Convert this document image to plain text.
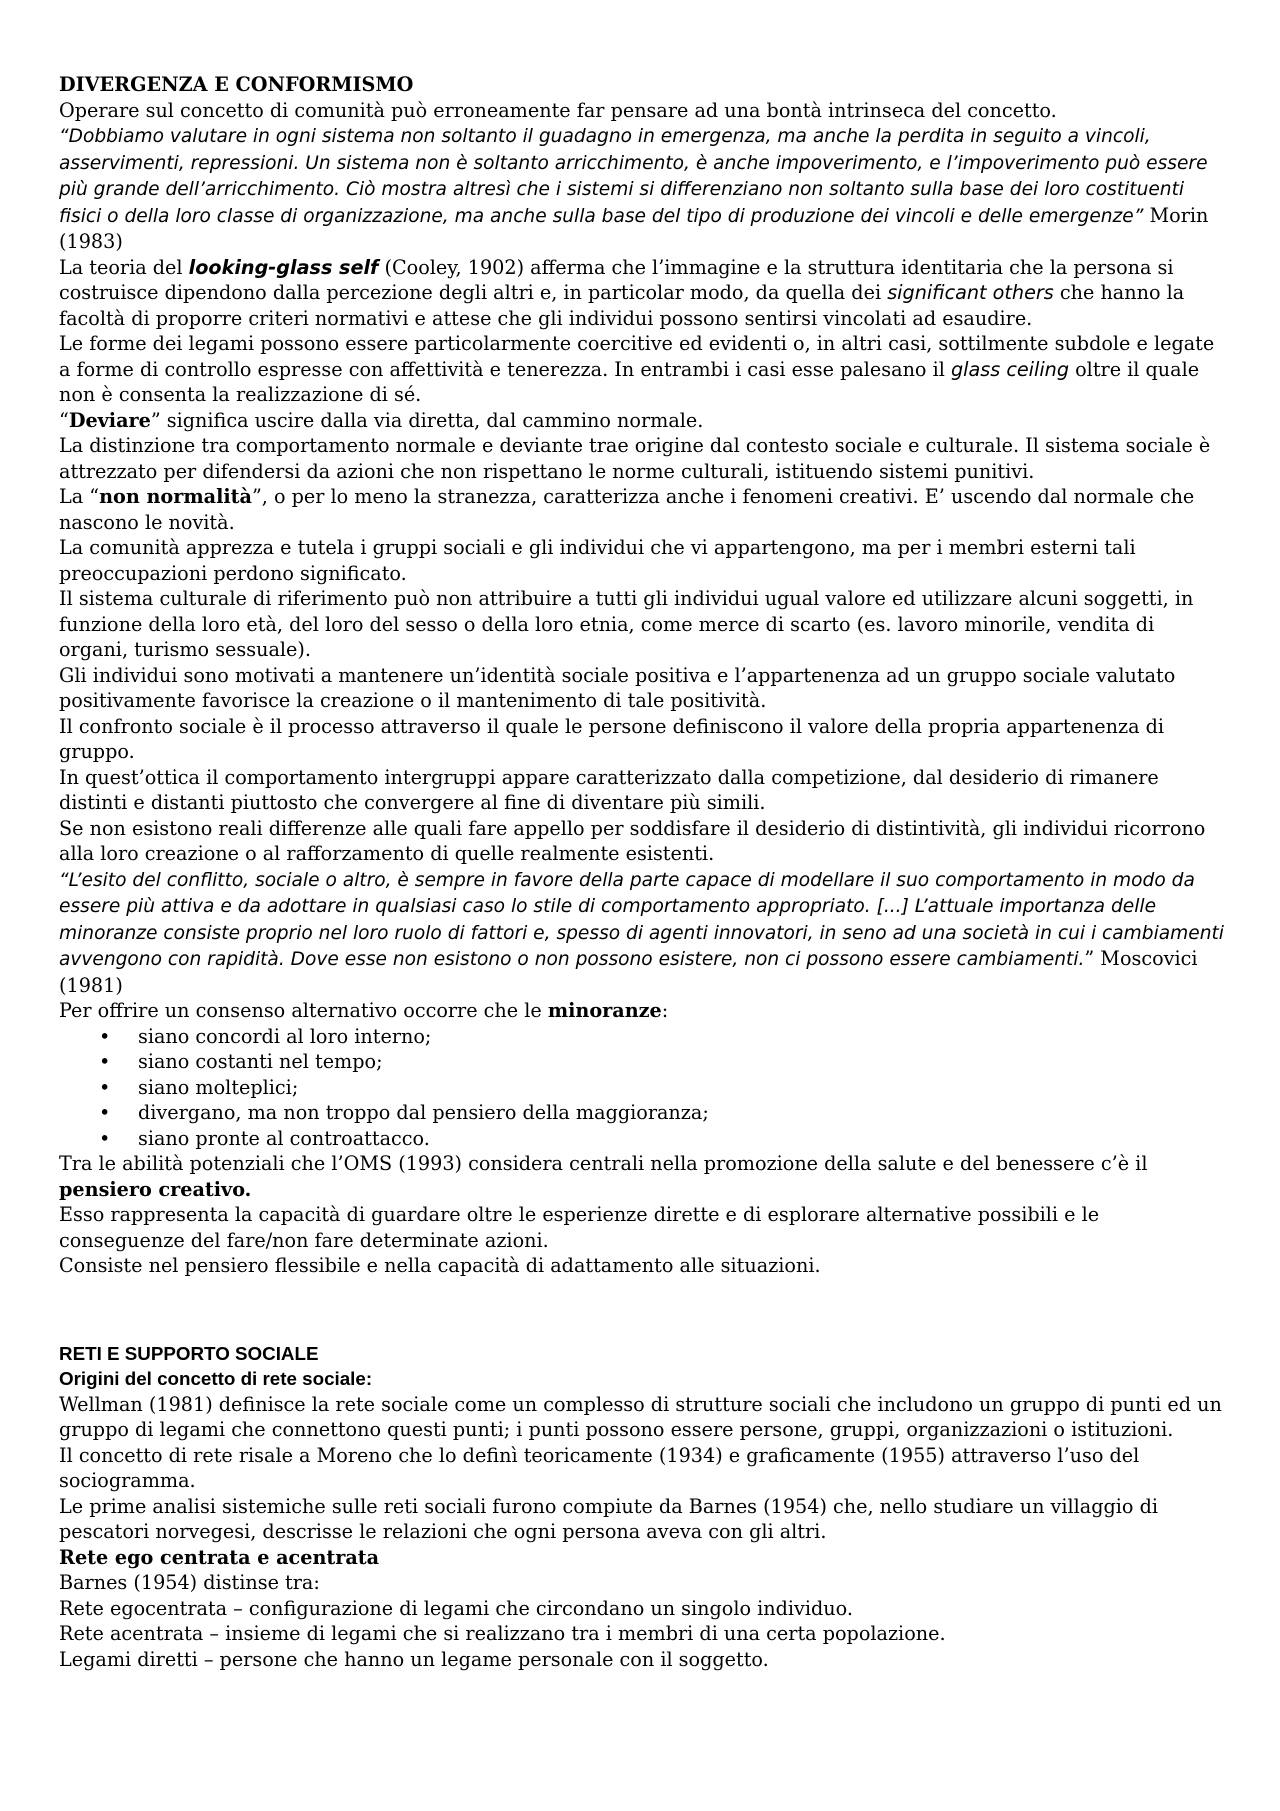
DIVERGENZA E CONFORMISMO

Operare sul concetto di comunità può erroneamente far pensare ad una bontà intrinseca del concetto.

“Dobbiamo valutare in ogni sistema non soltanto il guadagno in emergenza, ma anche la perdita in seguito a vincoli, asservimenti, repressioni. Un sistema non è soltanto arricchimento, è anche impoverimento, e l’impoverimento può essere più grande dell’arricchimento. Ciò mostra altresì che i sistemi si differenziano non soltanto sulla base dei loro costituenti fisici o della loro classe di organizzazione, ma anche sulla base del tipo di produzione dei vincoli e delle emergenze” Morin (1983)

La teoria del looking-glass self (Cooley, 1902) afferma che l’immagine e la struttura identitaria che la persona si costruisce dipendono dalla percezione degli altri e, in particolar modo, da quella dei significant others che hanno la facoltà di proporre criteri normativi e attese che gli individui possono sentirsi vincolati ad esaudire.

Le forme dei legami possono essere particolarmente coercitive ed evidenti o, in altri casi, sottilmente subdole e legate a forme di controllo espresse con affettività e tenerezza. In entrambi i casi esse palesano il glass ceiling oltre il quale non è consenta la realizzazione di sé.

“Deviare” significa uscire dalla via diretta, dal cammino normale.

La distinzione tra comportamento normale e deviante trae origine dal contesto sociale e culturale. Il sistema sociale è attrezzato per difendersi da azioni che non rispettano le norme culturali, istituendo sistemi punitivi.

La “non normalità”, o per lo meno la stranezza, caratterizza anche i fenomeni creativi. E’ uscendo dal normale che nascono le novità.

La comunità apprezza e tutela i gruppi sociali e gli individui che vi appartengono, ma per i membri esterni tali preoccupazioni perdono significato.

Il sistema culturale di riferimento può non attribuire a tutti gli individui ugual valore ed utilizzare alcuni soggetti, in funzione della loro età, del loro del sesso o della loro etnia, come merce di scarto (es. lavoro minorile, vendita di organi, turismo sessuale).

Gli individui sono motivati a mantenere un’identità sociale positiva e l’appartenenza ad un gruppo sociale valutato positivamente favorisce la creazione o il mantenimento di tale positività.

Il confronto sociale è il processo attraverso il quale le persone definiscono il valore della propria appartenenza di gruppo.

In quest’ottica il comportamento intergruppi appare caratterizzato dalla competizione, dal desiderio di rimanere distinti e distanti piuttosto che convergere al fine di diventare più simili.

Se non esistono reali differenze alle quali fare appello per soddisfare il desiderio di distintività, gli individui ricorrono alla loro creazione o al rafforzamento di quelle realmente esistenti.

“L’esito del conflitto, sociale o altro, è sempre in favore della parte capace di modellare il suo comportamento in modo da essere più attiva e da adottare in qualsiasi caso lo stile di comportamento appropriato. [...] L’attuale importanza delle minoranze consiste proprio nel loro ruolo di fattori e, spesso di agenti innovatori, in seno ad una società in cui i cambiamenti avvengono con rapidità. Dove esse non esistono o non possono esistere, non ci possono essere cambiamenti.” Moscovici (1981)

Per offrire un consenso alternativo occorre che le minoranze:

• siano concordi al loro interno;
• siano costanti nel tempo;
• siano molteplici;
• divergano, ma non troppo dal pensiero della maggioranza;
• siano pronte al controattacco.

Tra le abilità potenziali che l’OMS (1993) considera centrali nella promozione della salute e del benessere c’è il pensiero creativo.

Esso rappresenta la capacità di guardare oltre le esperienze dirette e di esplorare alternative possibili e le conseguenze del fare/non fare determinate azioni.

Consiste nel pensiero flessibile e nella capacità di adattamento alle situazioni.

RETI E SUPPORTO SOCIALE

Origini del concetto di rete sociale:

Wellman (1981) definisce la rete sociale come un complesso di strutture sociali che includono un gruppo di punti ed un gruppo di legami che connettono questi punti; i punti possono essere persone, gruppi, organizzazioni o istituzioni.

Il concetto di rete risale a Moreno che lo definì teoricamente (1934) e graficamente (1955) attraverso l’uso del sociogramma.

Le prime analisi sistemiche sulle reti sociali furono compiute da Barnes (1954) che, nello studiare un villaggio di pescatori norvegesi, descrisse le relazioni che ogni persona aveva con gli altri.

Rete ego centrata e acentrata

Barnes (1954) distinse tra:

Rete egocentrata – configurazione di legami che circondano un singolo individuo.

Rete acentrata – insieme di legami che si realizzano tra i membri di una certa popolazione.

Legami diretti – persone che hanno un legame personale con il soggetto.
